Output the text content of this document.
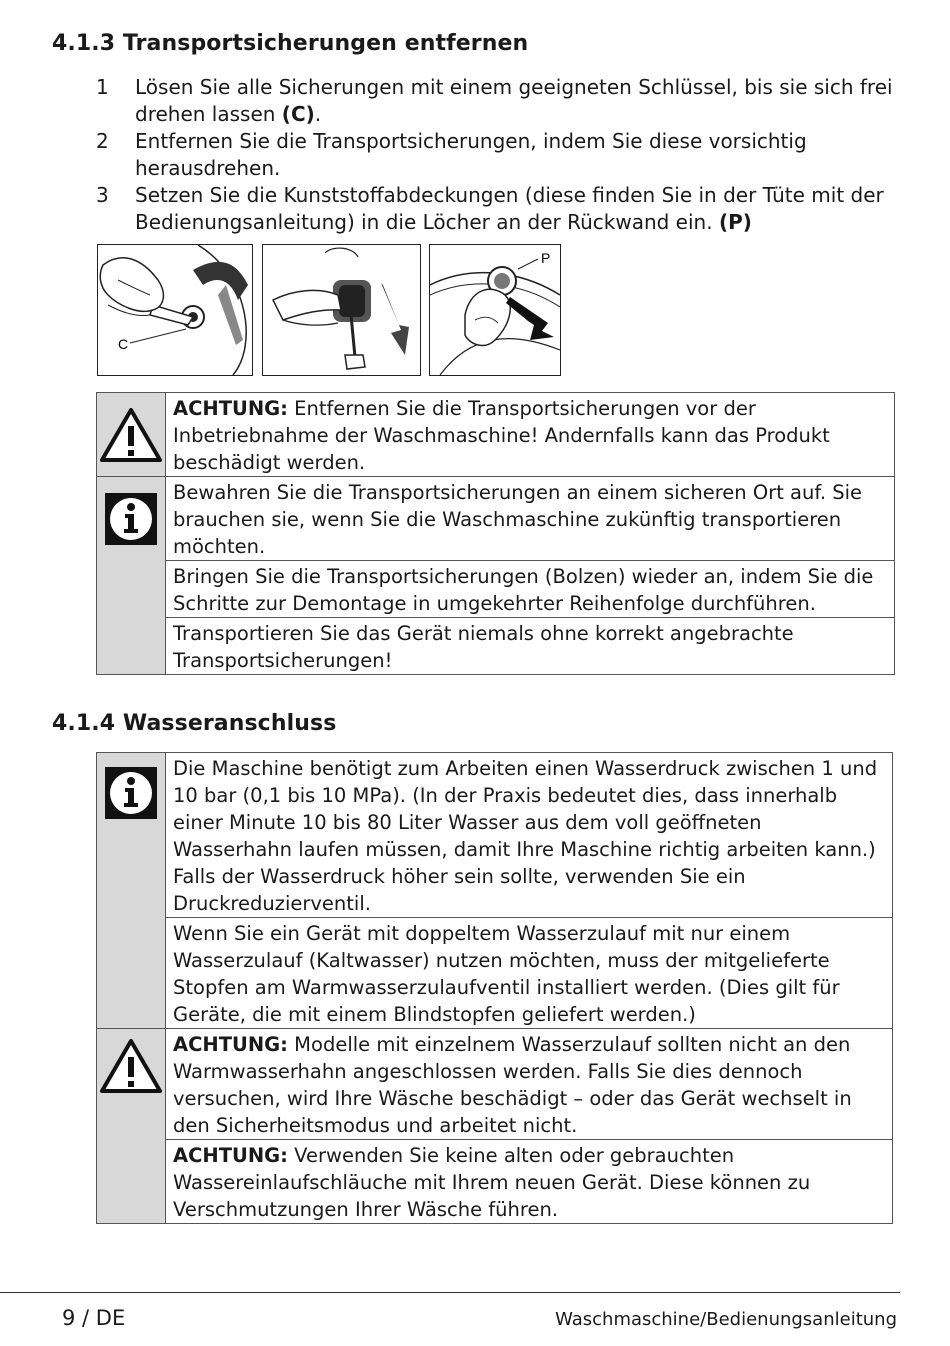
4.1.3 Transportsicherungen entfernen
1	Lösen Sie alle Sicherungen mit einem geeigneten Schlüssel, bis sie sich frei drehen lassen (C).
2	Entfernen Sie die Transportsicherungen, indem Sie diese vorsichtig herausdrehen.
3	Setzen Sie die Kunststoffabdeckungen (diese finden Sie in der Tüte mit der Bedienungsanleitung) in die Löcher an der Rückwand ein. (P)
C
P
	ACHTUNG: Entfernen Sie die Transportsicherungen vor der Inbetriebnahme der Waschmaschine! Andernfalls kann das Produkt beschädigt werden.

	Bewahren Sie die Transportsicherungen an einem sicheren Ort auf. Sie brauchen sie, wenn Sie die Waschmaschine zukünftig transportieren möchten.
	Bringen Sie die Transportsicherungen (Bolzen) wieder an, indem Sie die Schritte zur Demontage in umgekehrter Reihenfolge durchführen.
	Transportieren Sie das Gerät niemals ohne korrekt angebrachte Transportsicherungen!
4.1.4 Wasseranschluss
	Die Maschine benötigt zum Arbeiten einen Wasserdruck zwischen 1 und 10 bar (0,1 bis 10 MPa). (In der Praxis bedeutet dies, dass innerhalb einer Minute 10 bis 80 Liter Wasser aus dem voll geöffneten Wasserhahn laufen müssen, damit Ihre Maschine richtig arbeiten kann.) Falls der Wasserdruck höher sein sollte, verwenden Sie ein Druckreduzierventil.
	Wenn Sie ein Gerät mit doppeltem Wasserzulauf mit nur einem Wasserzulauf (Kaltwasser) nutzen möchten, muss der mitgelieferte Stopfen am Warmwasserzulaufventil installiert werden. (Dies gilt für Geräte, die mit einem Blindstopfen geliefert werden.)

	ACHTUNG: Modelle mit einzelnem Wasserzulauf sollten nicht an den Warmwasserhahn angeschlossen werden. Falls Sie dies dennoch versuchen, wird Ihre Wäsche beschädigt – oder das Gerät wechselt in den Sicherheitsmodus und arbeitet nicht.
	ACHTUNG: Verwenden Sie keine alten oder gebrauchten Wassereinlaufschläuche mit Ihrem neuen Gerät. Diese können zu Verschmutzungen Ihrer Wäsche führen.
9 / DE	Waschmaschine/Bedienungsanleitung
